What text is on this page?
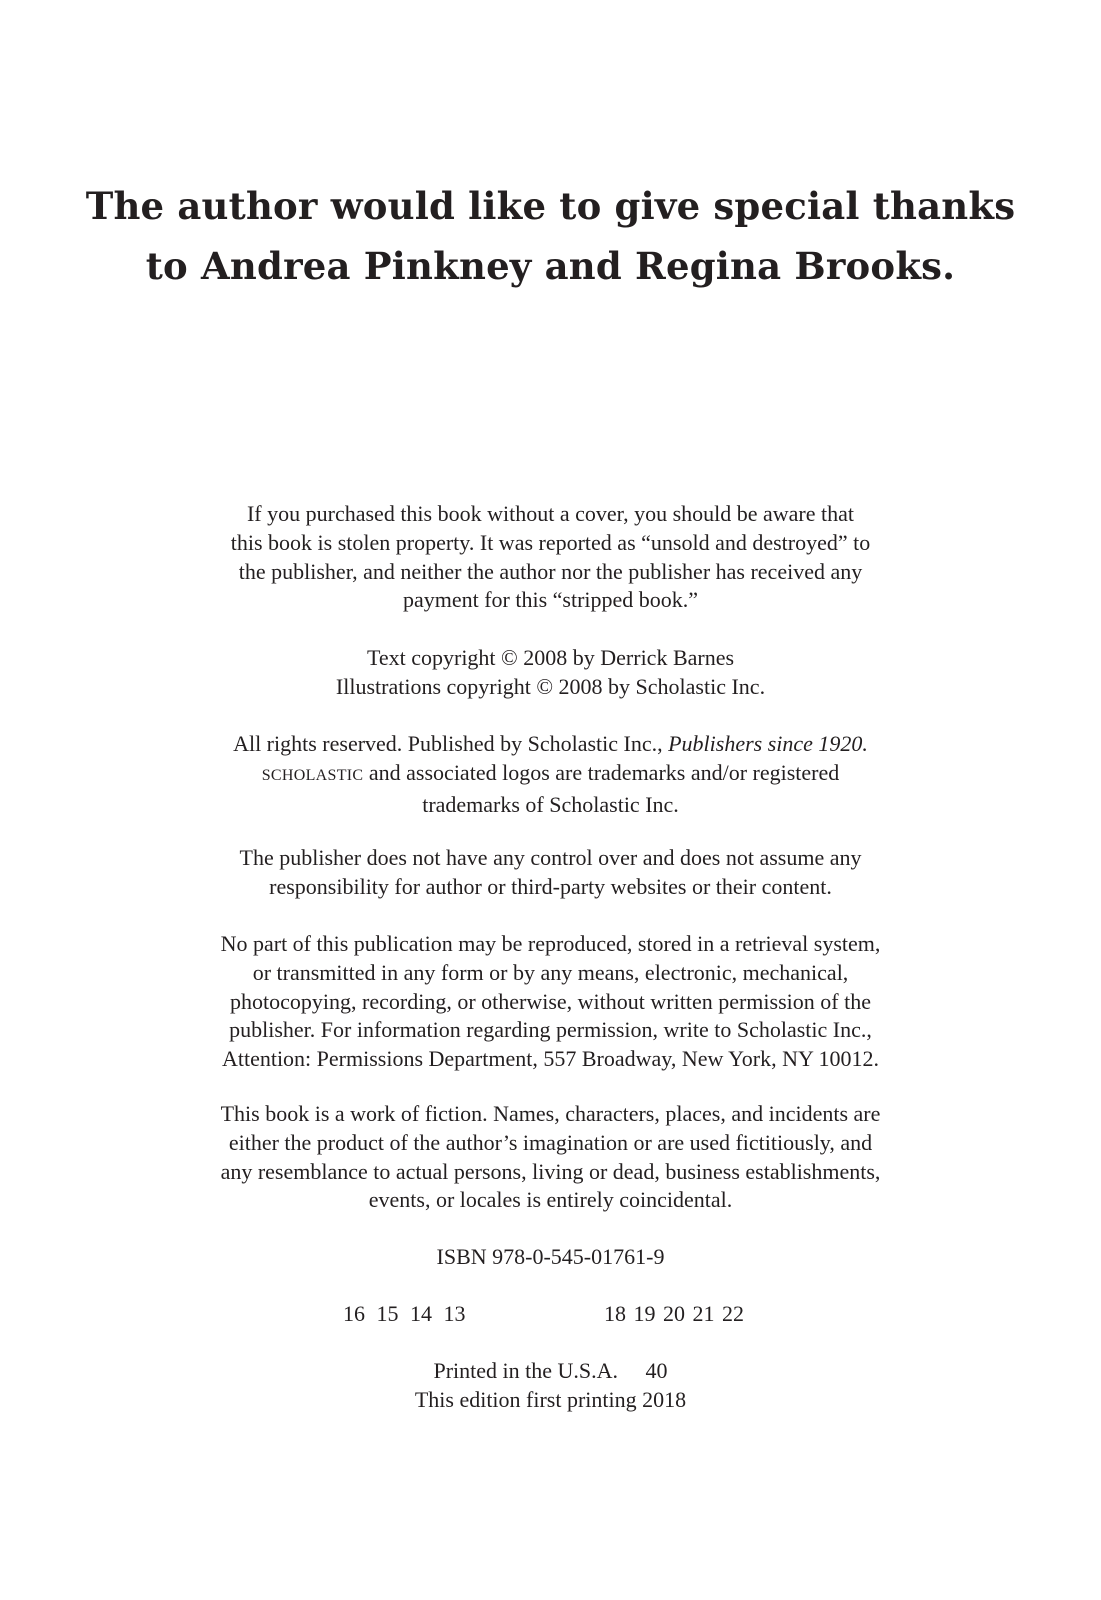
The author would like to give special thanks
to Andrea Pinkney and Regina Brooks.
If you purchased this book without a cover, you should be aware that
this book is stolen property. It was reported as “unsold and destroyed” to
the publisher, and neither the author nor the publisher has received any
payment for this “stripped book.”
Text copyright © 2008 by Derrick Barnes
Illustrations copyright © 2008 by Scholastic Inc.
All rights reserved. Published by Scholastic Inc., Publishers since 1920.
SCHOLASTIC and associated logos are trademarks and/or registered
trademarks of Scholastic Inc.
The publisher does not have any control over and does not assume any
responsibility for author or third-party websites or their content.
No part of this publication may be reproduced, stored in a retrieval system,
or transmitted in any form or by any means, electronic, mechanical,
photocopying, recording, or otherwise, without written permission of the
publisher. For information regarding permission, write to Scholastic Inc.,
Attention: Permissions Department, 557 Broadway, New York, NY 10012.
This book is a work of fiction. Names, characters, places, and incidents are
either the product of the author’s imagination or are used fictitiously, and
any resemblance to actual persons, living or dead, business establishments,
events, or locales is entirely coincidental.
ISBN 978-0-545-01761-9
16 15 14 13	18 19 20 21 22
Printed in the U.S.A.  40
This edition first printing 2018
